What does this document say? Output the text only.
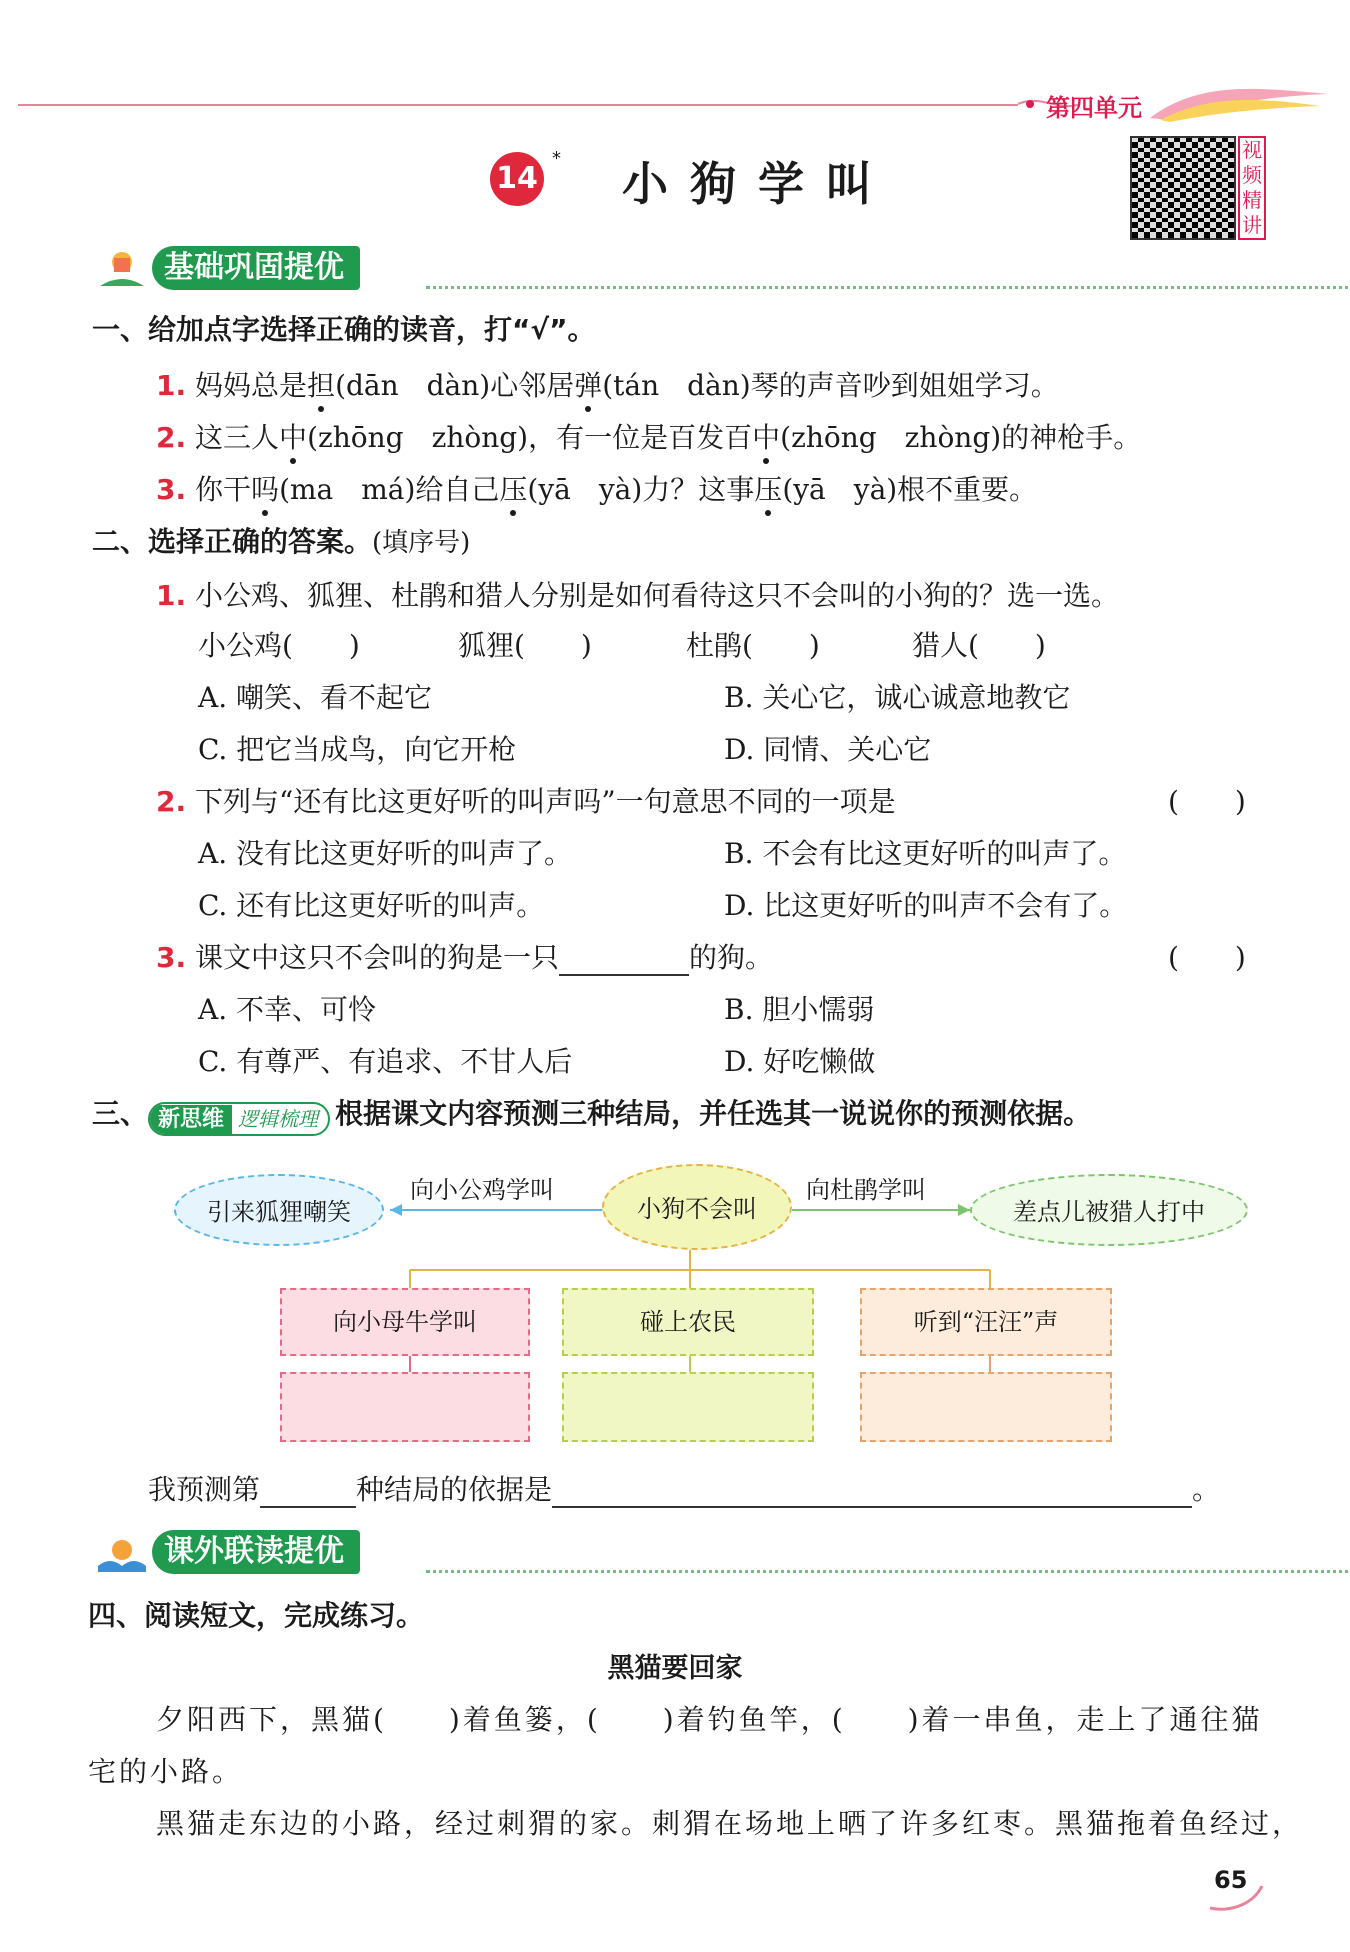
第四单元
14
* 小狗学叫
视频精讲
基础巩固提优
一、给加点字选择正确的读音，打“√”。
1. 妈妈总是担(dān　dàn)心邻居弹(tán　dàn)琴的声音吵到姐姐学习。
2. 这三人中(zhōng　zhòng)，有一位是百发百中(zhōng　zhòng)的神枪手。
3. 你干吗(ma　má)给自己压(yā　yà)力？这事压(yā　yà)根不重要。
二、选择正确的答案。(填序号)
1. 小公鸡、狐狸、杜鹃和猎人分别是如何看待这只不会叫的小狗的？选一选。
小公鸡(　　)	狐狸(　　)	杜鹃(　　)	猎人(　　)
A. 嘲笑、看不起它	B. 关心它，诚心诚意地教它
C. 把它当成鸟，向它开枪	D. 同情、关心它
2. 下列与“还有比这更好听的叫声吗”一句意思不同的一项是	(　　)
A. 没有比这更好听的叫声了。	B. 不会有比这更好听的叫声了。
C. 还有比这更好听的叫声。	D. 比这更好听的叫声不会有了。
3. 课文中这只不会叫的狗是一只	的狗。	(　　)
A. 不幸、可怜	B. 胆小懦弱
C. 有尊严、有追求、不甘人后	D. 好吃懒做
三、 新思维 逻辑梳理 根据课文内容预测三种结局，并任选其一说说你的预测依据。
引来狐狸嘲笑
向小公鸡学叫
小狗不会叫
向杜鹃学叫
差点儿被猎人打中
向小母牛学叫	碰上农民	听到“汪汪”声
我预测第	种结局的依据是	。
课外联读提优
四、阅读短文，完成练习。
黑猫要回家
夕阳西下，黑猫(　　)着鱼篓，(　　)着钓鱼竿，(　　)着一串鱼，走上了通往猫
宅的小路。
黑猫走东边的小路，经过刺猬的家。刺猬在场地上晒了许多红枣。黑猫拖着鱼经过，
65
